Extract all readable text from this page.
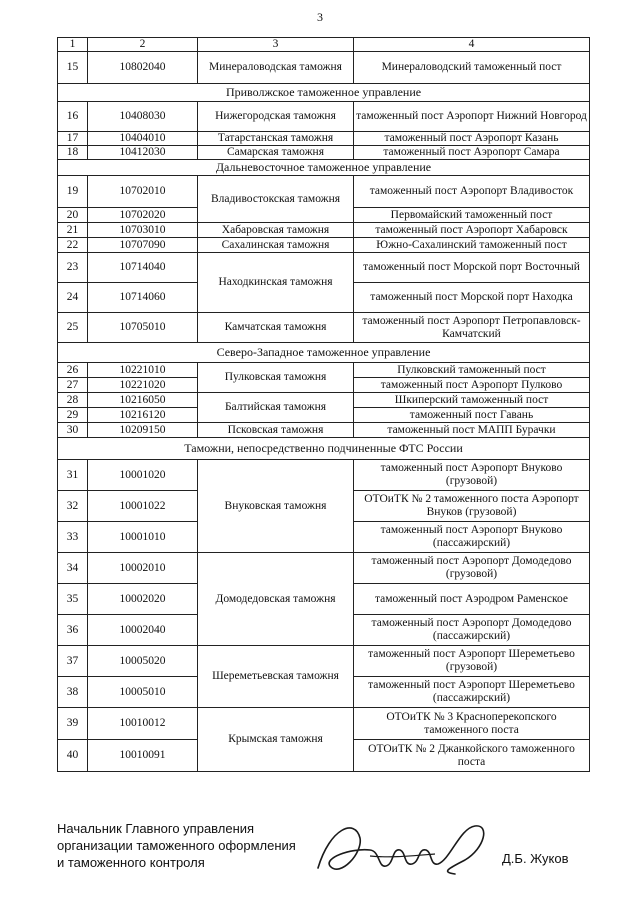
3
1	2	3	4
15	10802040	Минераловодская таможня	Минераловодский таможенный пост
Приволжское таможенное управление			
16	10408030	Нижегородская таможня	таможенный пост Аэропорт Нижний Новгород
17	10404010	Татарстанская таможня	таможенный пост Аэропорт Казань
18	10412030	Самарская таможня	таможенный пост Аэропорт Самара
Дальневосточное таможенное управление			
19	10702010	Владивостокская таможня	таможенный пост Аэропорт Владивосток
20	10702020		Первомайский таможенный пост
21	10703010	Хабаровская таможня	таможенный пост Аэропорт Хабаровск
22	10707090	Сахалинская таможня	Южно-Сахалинский таможенный пост
23	10714040	Находкинская таможня	таможенный пост Морской порт Восточный
24	10714060		таможенный пост Морской порт Находка
25	10705010	Камчатская таможня	таможенный пост Аэропорт Петропавловск-Камчатский
Северо-Западное таможенное управление			
26	10221010	Пулковская таможня	Пулковский таможенный пост
27	10221020		таможенный пост Аэропорт Пулково
28	10216050	Балтийская таможня	Шкиперский таможенный пост
29	10216120		таможенный пост Гавань
30	10209150	Псковская таможня	таможенный пост МАПП Бурачки
Таможни, непосредственно подчиненные ФТС России			
31	10001020	Внуковская таможня	таможенный пост Аэропорт Внуково (грузовой)
32	10001022		ОТОиТК № 2 таможенного поста Аэропорт Внуков (грузовой)
33	10001010		таможенный пост Аэропорт Внуково (пассажирский)
34	10002010	Домодедовская таможня	таможенный пост Аэропорт Домодедово (грузовой)
35	10002020		таможенный пост Аэродром Раменское
36	10002040		таможенный пост Аэропорт Домодедово (пассажирский)
37	10005020	Шереметьевская таможня	таможенный пост Аэропорт Шереметьево (грузовой)
38	10005010		таможенный пост Аэропорт Шереметьево (пассажирский)
39	10010012	Крымская таможня	ОТОиТК № 3 Красноперекопского таможенного поста
40	10010091		ОТОиТК № 2 Джанкойского таможенного поста
Начальник Главного управления
организации таможенного оформления
и таможенного контроля	Д.Б. Жуков
